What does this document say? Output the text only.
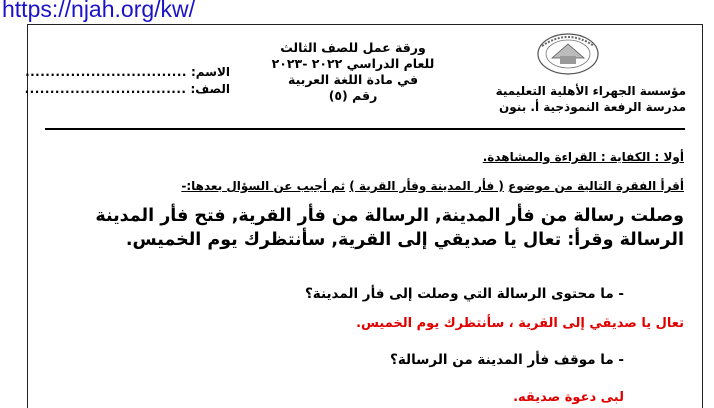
https://njah.org/kw/
مؤسسة الجهراء الأهلية التعليمية
مدرسة الرفعة النموذجية أ. بنون
ورقة عمل للصف الثالث
للعام الدراسي ٢٠٢٢ -٢٠٢٣
في مادة اللغة العربية
رقم (٥)
الاسم:
................................
الصف:
................................
أولا : الكفاية : القراءة والمشاهدة.
أقرأ الفقرة التالية من موضوع ( فأر المدينة وفأر القرية ) ثم أجيب عن السؤال بعدها:-
وصلت رسالة من فأر المدينة, الرسالة من فأر القرية, فتح فأر المدينة
الرسالة وقرأ: تعال يا صديقي إلى القرية, سأنتظرك يوم الخميس.
- ما محتوى الرسالة التي وصلت إلى فأر المدينة؟
تعال يا صديقي إلى القرية ، سأنتظرك يوم الخميس.
- ما موقف فأر المدينة من الرسالة؟
لبى دعوة صديقه.
